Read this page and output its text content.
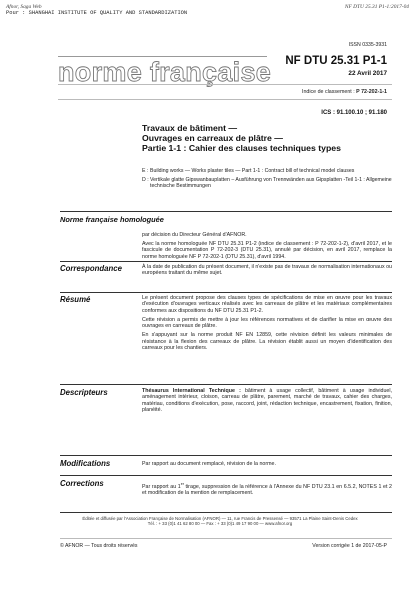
Afnor, Saga Web
Pour : SHANGHAI INSTITUTE OF QUALITY AND STANDARDIZATION
NF DTU 25.31 P1-1:2017-04
ISSN 0335-3931
norme française NF DTU 25.31 P1-1
22 Avril 2017
Indice de classement : P 72-202-1-1
ICS : 91.100.10 ; 91.180
Travaux de bâtiment —
Ouvrages en carreaux de plâtre —
Partie 1-1 : Cahier des clauses techniques types
E : Building works — Works plaster tiles — Part 1-1 : Contract bill of technical model clauses
D : Vertikale glatte Gipswanbauplatten – Ausführung von Trennwänden aus Gipsplatten -Teil 1-1 : Allgemeine technische Bestimmungen
Norme française homologuée

par décision du Directeur Général d'AFNOR.

Avec la norme homologuée NF DTU 25.31 P1-2 (indice de classement : P 72-202-1-2), d'avril 2017, et le fascicule de documentation P 72-202-3 (DTU 25.31), annulé par décision, en avril 2017, remplace la norme homologuée NF P 72-202-1 (DTU 25.31), d'avril 1994.

Correspondance	À la date de publication du présent document, il n'existe pas de travaux de normalisation internationaux ou européens traitant du même sujet.
Résumé	Le présent document propose des clauses types de spécifications de mise en œuvre pour les travaux d'exécution d'ouvrages verticaux réalisés avec les carreaux de plâtre et les matériaux complémentaires conformes aux dispositions du NF DTU 25.31 P1-2.

Cette révision a permis de mettre à jour les références normatives et de clarifier la mise en œuvre des ouvrages en carreaux de plâtre.

En s'appuyant sur la norme produit NF EN 12859, cette révision définit les valeurs minimales de résistance à la flexion des carreaux de plâtre. La révision établit aussi un moyen d'identification des carreaux pour les chantiers.

Descripteurs	Thésaurus International Technique : bâtiment à usage collectif, bâtiment à usage individuel, aménagement intérieur, cloison, carreau de plâtre, parement, marché de travaux, cahier des charges, matériau, conditions d'exécution, pose, raccord, joint, rédaction technique, encastrement, fixation, finition, planéité.
Modifications	Par rapport au document remplacé, révision de la norme.
Corrections	Par rapport au 1er tirage, suppression de la référence à l'Annexe du NF DTU 23.1 en 6.5.2, NOTES 1 et 2 et modification de la mention de remplacement.
Éditée et diffusée par l'Association Française de Normalisation (AFNOR) — 11, rue Francis de Pressensé — 93571 La Plaine Saint-Denis Cedex
Tél. : + 33 (0)1 41 62 80 00 — Fax : + 33 (0)1 49 17 90 00 — www.afnor.org
© AFNOR — Tous droits réservés	Version corrigée 1 de 2017-05-P
